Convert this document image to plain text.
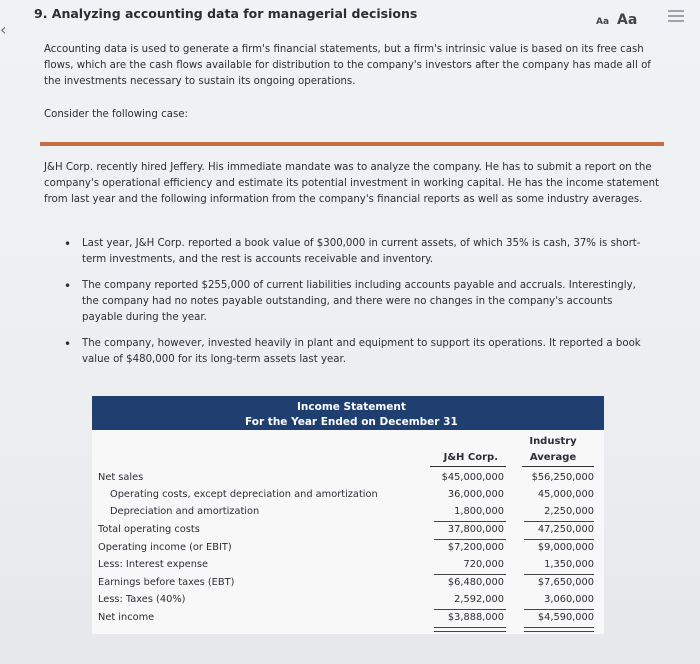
‹
9. Analyzing accounting data for managerial decisions
Aa Aa
Accounting data is used to generate a firm's financial statements, but a firm's intrinsic value is based on its free cash flows, which are the cash flows available for distribution to the company's investors after the company has made all of the investments necessary to sustain its ongoing operations.
Consider the following case:
J&H Corp. recently hired Jeffery. His immediate mandate was to analyze the company. He has to submit a report on the company's operational efficiency and estimate its potential investment in working capital. He has the income statement from last year and the following information from the company's financial reports as well as some industry averages.
• Last year, J&H Corp. reported a book value of $300,000 in current assets, of which 35% is cash, 37% is short-term investments, and the rest is accounts receivable and inventory.
• The company reported $255,000 of current liabilities including accounts payable and accruals. Interestingly, the company had no notes payable outstanding, and there were no changes in the company's accounts payable during the year.
• The company, however, invested heavily in plant and equipment to support its operations. It reported a book value of $480,000 for its long-term assets last year.
Income Statement
For the Year Ended on December 31
Industry
J&H Corp.	Average
Net sales	$45,000,000	$56,250,000
Operating costs, except depreciation and amortization	36,000,000	45,000,000
Depreciation and amortization	1,800,000	2,250,000
Total operating costs	37,800,000	47,250,000
Operating income (or EBIT)	$7,200,000	$9,000,000
Less: Interest expense	720,000	1,350,000
Earnings before taxes (EBT)	$6,480,000	$7,650,000
Less: Taxes (40%)	2,592,000	3,060,000
Net income	$3,888,000	$4,590,000
